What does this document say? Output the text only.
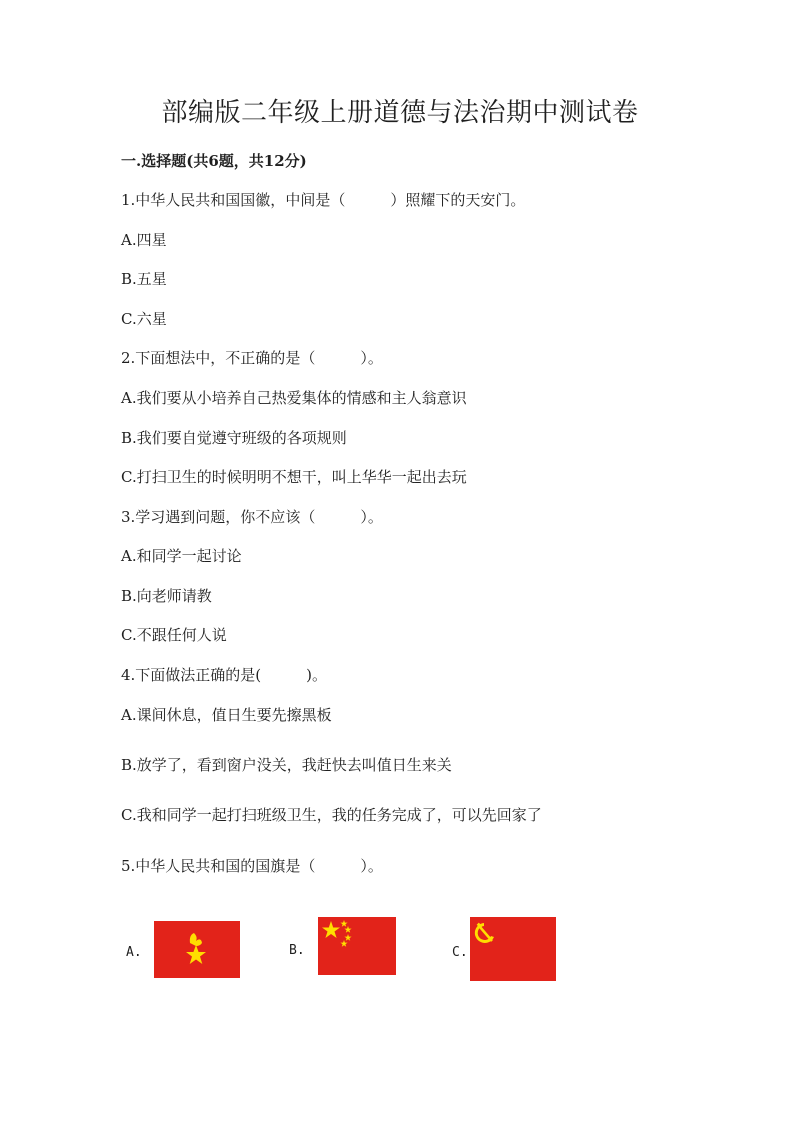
部编版二年级上册道德与法治期中测试卷
一.选择题(共6题，共12分)
1.中华人民共和国国徽，中间是（　　　）照耀下的天安门。
A.四星
B.五星
C.六星
2.下面想法中，不正确的是（　　　）。
A.我们要从小培养自己热爱集体的情感和主人翁意识
B.我们要自觉遵守班级的各项规则
C.打扫卫生的时候明明不想干，叫上华华一起出去玩
3.学习遇到问题，你不应该（　　　）。
A.和同学一起讨论
B.向老师请教
C.不跟任何人说
4.下面做法正确的是(　　　)。
A.课间休息，值日生要先擦黑板
B.放学了，看到窗户没关，我赶快去叫值日生来关
C.我和同学一起打扫班级卫生，我的任务完成了，可以先回家了
5.中华人民共和国的国旗是（　　　）。
A.	B.	C.
